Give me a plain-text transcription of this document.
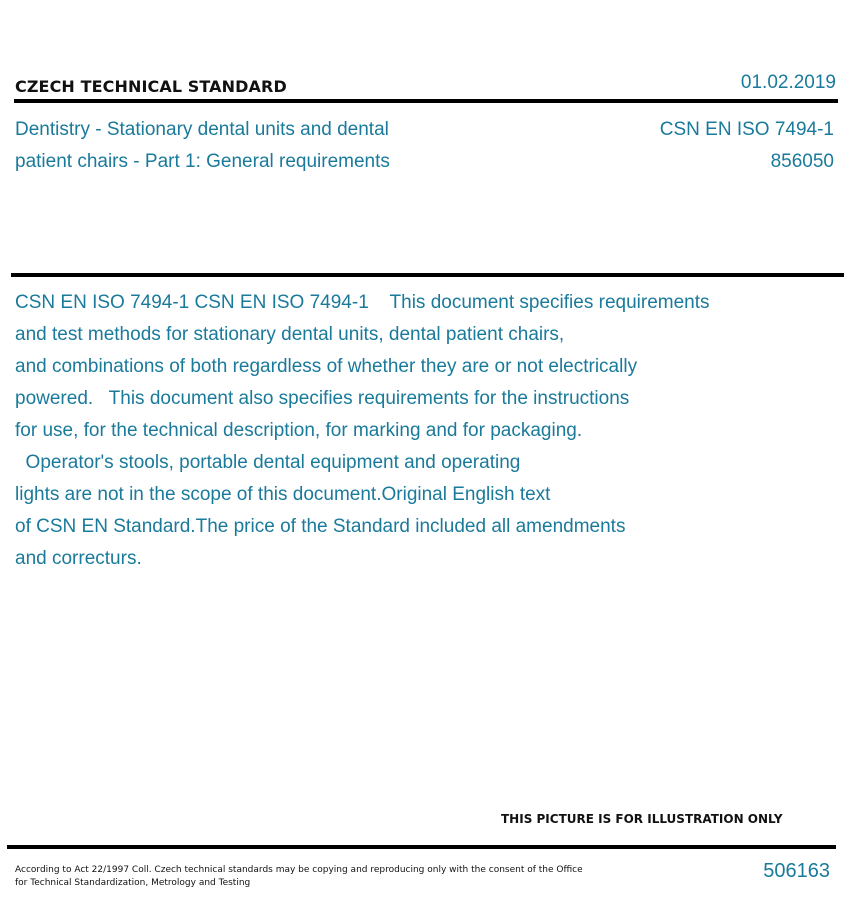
CZECH TECHNICAL STANDARD	01.02.2019
Dentistry - Stationary dental units and dental
patient chairs - Part 1: General requirements
CSN EN ISO 7494-1
856050
CSN EN ISO 7494-1 CSN EN ISO 7494-1    This document specifies requirements
and test methods for stationary dental units, dental patient chairs,
and combinations of both regardless of whether they are or not electrically
powered.   This document also specifies requirements for the instructions
for use, for the technical description, for marking and for packaging.
Operator's stools, portable dental equipment and operating
lights are not in the scope of this document.Original English text
of CSN EN Standard.The price of the Standard included all amendments
and correcturs.
THIS PICTURE IS FOR ILLUSTRATION ONLY
According to Act 22/1997 Coll. Czech technical standards may be copying and reproducing only with the consent of the Office
for Technical Standardization, Metrology and Testing
506163
